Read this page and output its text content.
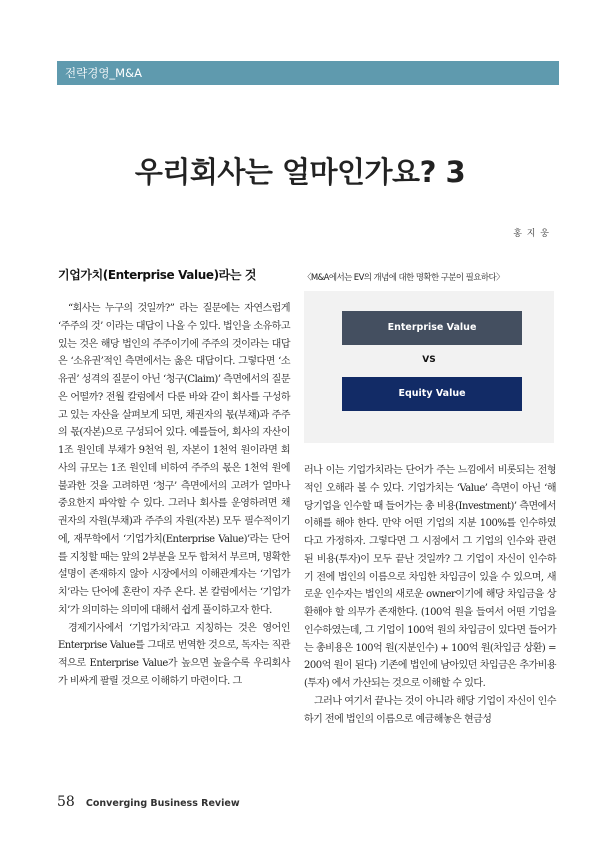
전략경영_M&A
우리회사는 얼마인가요? 3
홍 지 웅
기업가치(Enterprise Value)라는 것

“회사는 누구의 것일까?” 라는 질문에는 자연스럽게 ‘주주의 것’ 이라는 대답이 나올 수 있다. 법인을 소유하고 있는 것은 해당 법인의 주주이기에 주주의 것이라는 대답은 ‘소유권’적인 측면에서는 옳은 대답이다. 그렇다면 ‘소유권’ 성격의 질문이 아닌 ‘청구(Claim)’ 측면에서의 질문은 어떨까? 전월 칼럼에서 다룬 바와 같이 회사를 구성하고 있는 자산을 살펴보게 되면, 채권자의 몫(부채)과 주주의 몫(자본)으로 구성되어 있다. 예를들어, 회사의 자산이 1조 원인데 부채가 9천억 원, 자본이 1천억 원이라면 회사의 규모는 1조 원인데 비하여 주주의 몫은 1천억 원에 불과한 것을 고려하면 ‘청구’ 측면에서의 고려가 얼마나 중요한지 파악할 수 있다. 그러나 회사를 운영하려면 채권자의 자원(부채)과 주주의 자원(자본) 모두 필수적이기에, 재무학에서 ‘기업가치(Enterprise Value)’라는 단어를 지칭할 때는 앞의 2부분을 모두 합쳐서 부르며, 명확한 설명이 존재하지 않아 시장에서의 이해관계자는 ‘기업가치’라는 단어에 혼란이 자주 온다. 본 칼럼에서는 ‘기업가치’가 의미하는 의미에 대해서 쉽게 풀이하고자 한다.

경제기사에서 ‘기업가치’라고 지칭하는 것은 영어인 Enterprise Value를 그대로 번역한 것으로, 독자는 직관적으로 Enterprise Value가 높으면 높을수록 우리회사가 비싸게 팔릴 것으로 이해하기 마련이다. 그

〈M&A에서는 EV의 개념에 대한 명확한 구분이 필요하다〉
Enterprise Value
VS
Equity Value

러나 이는 기업가치라는 단어가 주는 느낌에서 비롯되는 전형적인 오해라 볼 수 있다. 기업가치는 ‘Value’ 측면이 아닌 ‘해당기업을 인수할 때 들어가는 총 비용(Investment)’ 측면에서 이해를 해야 한다. 만약 어떤 기업의 지분 100%를 인수하였다고 가정하자. 그렇다면 그 시점에서 그 기업의 인수와 관련된 비용(투자)이 모두 끝난 것일까? 그 기업이 자신이 인수하기 전에 법인의 이름으로 차입한 차입금이 있을 수 있으며, 새로운 인수자는 법인의 새로운 owner이기에 해당 차입금을 상환해야 할 의무가 존재한다. (100억 원을 들여서 어떤 기업을 인수하였는데, 그 기업이 100억 원의 차입금이 있다면 들어가는 총비용은 100억 원(지분인수) + 100억 원(차입금 상환) = 200억 원이 된다) 기존에 법인에 남아있던 차입금은 추가비용(투자) 에서 가산되는 것으로 이해할 수 있다.

그러나 여기서 끝나는 것이 아니라 해당 기업이 자신이 인수하기 전에 법인의 이름으로 예금해놓은 현금성

58 Converging Business Review
